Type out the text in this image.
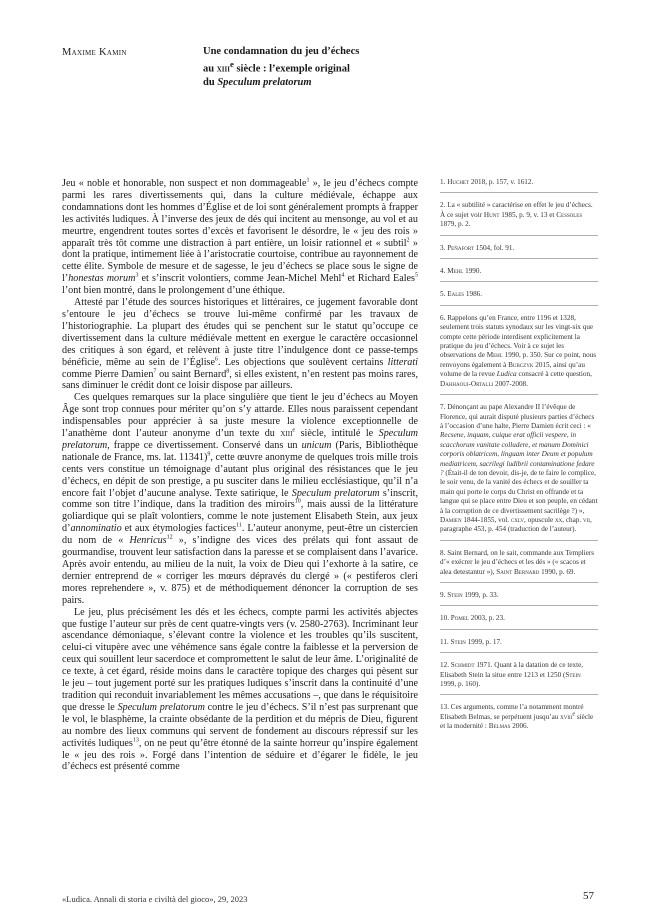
Maxime Kamin	Une condamnation du jeu d’échecs
au xiii$^e$ siècle : l’exemple original
du Speculum prelatorum

Jeu « noble et honorable, non suspect et non dommageable$^1$ », le jeu d’échecs compte parmi les rares divertissements qui, dans la culture médiévale, échappe aux condamnations dont les hommes d’Église et de loi sont généralement prompts à frapper les activités ludiques. À l’inverse des jeux de dés qui incitent au mensonge, au vol et au meurtre, engendrent toutes sortes d’excès et favorisent le désordre, le « jeu des rois » apparaît très tôt comme une distraction à part entière, un loisir rationnel et « subtil$^2$ » dont la pratique, intimement liée à l’aristocratie courtoise, contribue au rayonnement de cette élite. Symbole de mesure et de sagesse, le jeu d’échecs se place sous le signe de l’honestas morum$^3$ et s’inscrit volontiers, comme Jean-Michel Mehl$^4$ et Richard Eales$^5$ l’ont bien montré, dans le prolongement d’une éthique.

Attesté par l’étude des sources historiques et littéraires, ce jugement favorable dont s’entoure le jeu d’échecs se trouve lui-même confirmé par les travaux de l’historiographie. La plupart des études qui se penchent sur le statut qu’occupe ce divertissement dans la culture médiévale mettent en exergue le caractère occasionnel des critiques à son égard, et relèvent à juste titre l’indulgence dont ce passe-temps bénéficie, même au sein de l’Église$^6$. Les objections que soulèvent certains litterati comme Pierre Damien$^7$ ou saint Bernard$^8$, si elles existent, n’en restent pas moins rares, sans diminuer le crédit dont ce loisir dispose par ailleurs.

Ces quelques remarques sur la place singulière que tient le jeu d’échecs au Moyen Âge sont trop connues pour mériter qu’on s’y attarde. Elles nous paraissent cependant indispensables pour apprécier à sa juste mesure la violence exceptionnelle de l’anathème dont l’auteur anonyme d’un texte du xiii$^e$ siècle, intitulé le Speculum prelatorum, frappe ce divertissement. Conservé dans un unicum (Paris, Bibliothèque nationale de France, ms. lat. 11341)$^9$, cette œuvre anonyme de quelques trois mille trois cents vers constitue un témoignage d’autant plus original des résistances que le jeu d’échecs, en dépit de son prestige, a pu susciter dans le milieu ecclésiastique, qu’il n’a encore fait l’objet d’aucune analyse. Texte satirique, le Speculum prelatorum s’inscrit, comme son titre l’indique, dans la tradition des miroirs$^{10}$, mais aussi de la littérature goliardique qui se plaît volontiers, comme le note justement Elisabeth Stein, aux jeux d’annominatio et aux étymologies factices$^{11}$. L’auteur anonyme, peut-être un cistercien du nom de « Henricus$^{12}$ », s’indigne des vices des prélats qui font assaut de gourmandise, trouvent leur satisfaction dans la paresse et se complaisent dans l’avarice. Après avoir entendu, au milieu de la nuit, la voix de Dieu qui l’exhorte à la satire, ce dernier entreprend de « corriger les mœurs dépravés du clergé » (« pestiferos cleri mores reprehendere », v. 875) et de méthodiquement dénoncer la corruption de ses pairs.

Le jeu, plus précisément les dés et les échecs, compte parmi les activités abjectes que fustige l’auteur sur près de cent quatre-vingts vers (v. 2580-2763). Incriminant leur ascendance démoniaque, s’élevant contre la violence et les troubles qu’ils suscitent, celui-ci vitupère avec une véhémence sans égale contre la faiblesse et la perversion de ceux qui souillent leur sacerdoce et compromettent le salut de leur âme. L’originalité de ce texte, à cet égard, réside moins dans le caractère topique des charges qui pèsent sur le jeu – tout jugement porté sur les pratiques ludiques s’inscrit dans la continuité d’une tradition qui reconduit invariablement les mêmes accusations –, que dans le réquisitoire que dresse le Speculum prelatorum contre le jeu d’échecs. S’il n’est pas surprenant que le vol, le blasphème, la crainte obsédante de la perdition et du mépris de Dieu, figurent au nombre des lieux communs qui servent de fondement au discours répressif sur les activités ludiques$^{13}$, on ne peut qu’être étonné de la sainte horreur qu’inspire également le « jeu des rois ». Forgé dans l’intention de séduire et d’égarer le fidèle, le jeu d’échecs est présenté comme

1. Huchet 2018, p. 157, v. 1612.
2. La « subtilité » caractérise en effet le jeu d’échecs. À ce sujet voir Hunt 1985, p. 9, v. 13 et Cessoles 1879, p. 2.
3. Peñafort 1504, fol. 91.
4. Mehl 1990.
5. Eales 1986.
6. Rappelons qu’en France, entre 1196 et 1328, seulement trois statuts synodaux sur les vingt-six que compte cette période interdisent explicitement la pratique du jeu d’échecs. Voir à ce sujet les observations de Mehl 1990, p. 350. Sur ce point, nous renvoyons également à Bubczyk 2015, ainsi qu’au volume de la revue Ludica consacré à cette question, Dahhaoui-Ortalli 2007-2008.
7. Dénonçant au pape Alexandre II l’évêque de Florence, qui aurait disputé plusieurs parties d’échecs à l’occasion d’une halte, Pierre Damien écrit ceci : « Recsene, inquam, cuique erat officii vespere, in scacchorum vanitate colludere, et manum Dominici corporis oblatricem, linguam inter Deum et populum mediatricem, sacrilegi ludibrii contaminatione fedare ? (Était-il de ton devoir, dis-je, de te faire le complice, le soir venu, de la vanité des échecs et de souiller ta main qui porte le corps du Christ en offrande et ta langue qui se place entre Dieu et son peuple, en cédant à la corruption de ce divertissement sacrilège ?) », Damien 1844-1855, vol. cxlv, opuscule xx, chap. vii, paragraphe 453, p. 454 (traduction de l’auteur).
8. Saint Bernard, on le sait, commande aux Templiers d’« exécrer le jeu d’échecs et les dés » (« scacos et alea detestantur »), Saint Bernard 1990, p. 69.
9. Stein 1999, p. 33.
10. Pomel 2003, p. 23.
11. Stein 1999, p. 17.
12. Schmidt 1971. Quant à la datation de ce texte, Elisabeth Stein la situe entre 1213 et 1250 (Stein 1999, p. 160).
13. Ces arguments, comme l’a notamment montré Elisabeth Belmas, se perpétuent jusqu’au xviii$^e$ siècle et la modernité : Belmas 2006.
«Ludica. Annali di storia e civiltà del gioco», 29, 2023	57
